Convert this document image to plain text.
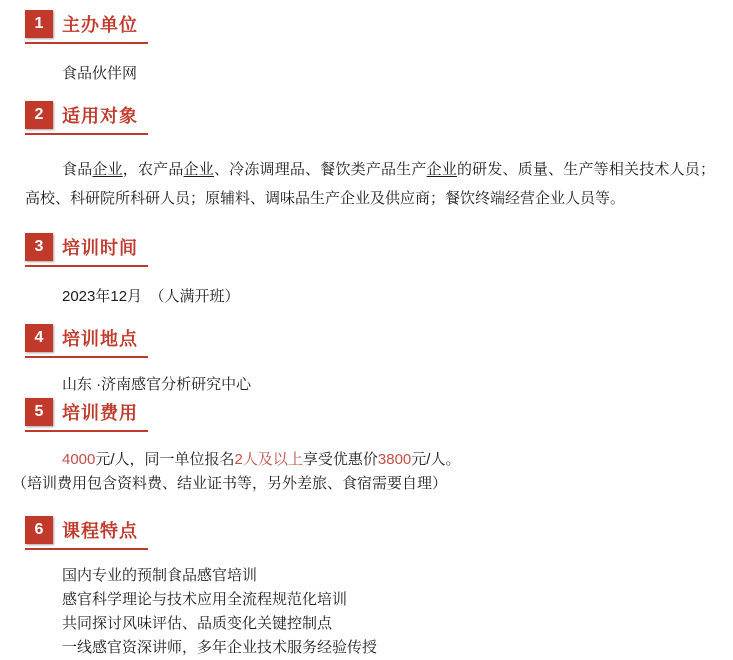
1	主办单位

食品伙伴网

2	适用对象

食品企业，农产品企业、冷冻调理品、餐饮类产品生产企业的研发、质量、生产等相关技术人员；高校、科研院所科研人员；原辅料、调味品生产企业及供应商；餐饮终端经营企业人员等。

3	培训时间

2023年12月　（人满开班）

4	培训地点

山东 ·济南感官分析研究中心

5	培训费用

4000元/人，同一单位报名2人及以上享受优惠价3800元/人。

（培训费用包含资料费、结业证书等，另外差旅、食宿需要自理）

6	课程特点

国内专业的预制食品感官培训

感官科学理论与技术应用全流程规范化培训

共同探讨风味评估、品质变化关键控制点

一线感官资深讲师，多年企业技术服务经验传授
